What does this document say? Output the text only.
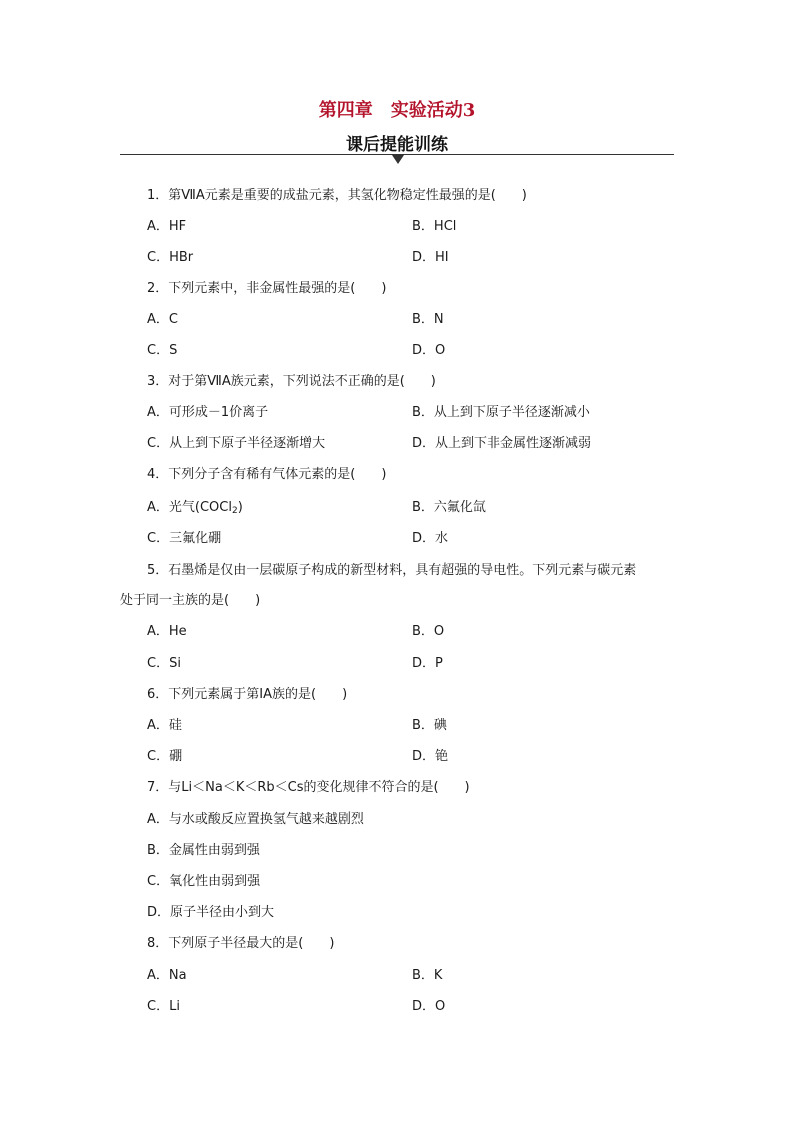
第四章　实验活动3
课后提能训练
1．第ⅦA元素是重要的成盐元素，其氢化物稳定性最强的是(　　)
A．HF	B．HCl
C．HBr	D．HI
2．下列元素中，非金属性最强的是(　　)
A．C	B．N
C．S	D．O
3．对于第ⅦA族元素，下列说法不正确的是(　　)
A．可形成－1价离子	B．从上到下原子半径逐渐减小
C．从上到下原子半径逐渐增大	D．从上到下非金属性逐渐减弱
4．下列分子含有稀有气体元素的是(　　)
A．光气(COCl$_2$)	B．六氟化氙
C．三氟化硼	D．水
5．石墨烯是仅由一层碳原子构成的新型材料，具有超强的导电性。下列元素与碳元素
处于同一主族的是(　　)
A．He	B．O
C．Si	D．P
6．下列元素属于第ⅠA族的是(　　)
A．硅	B．碘
C．硼	D．铯
7．与Li＜Na＜K＜Rb＜Cs的变化规律不符合的是(　　)
A．与水或酸反应置换氢气越来越剧烈
B．金属性由弱到强
C．氧化性由弱到强
D．原子半径由小到大
8．下列原子半径最大的是(　　)
A．Na	B．K
C．Li	D．O
